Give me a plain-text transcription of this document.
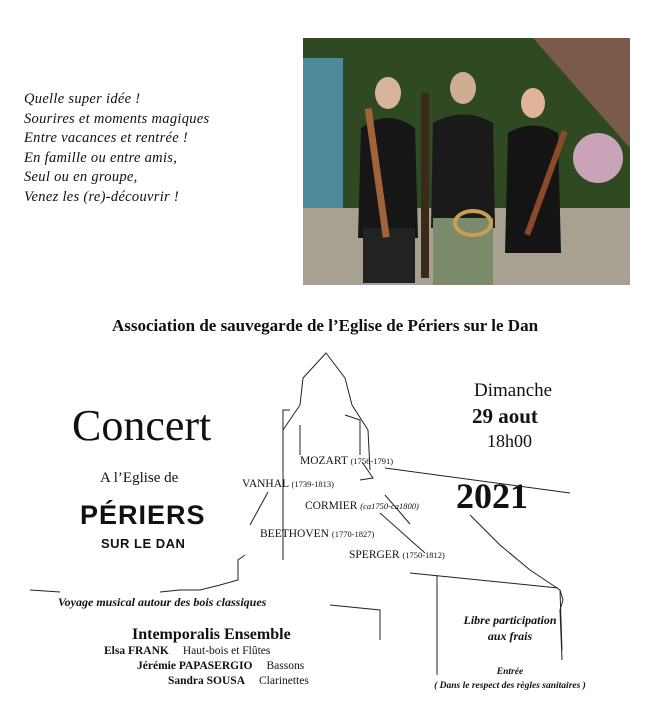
Quelle super idée !
Sourires et moments magiques
Entre vacances et rentrée !
En famille ou entre amis,
Seul ou en groupe,
Venez les (re)-découvrir !
Association de sauvegarde de l’Eglise de Périers sur le Dan
Concert
A l’Eglise de
PÉRIERS
SUR LE DAN
Dimanche
29 aout
18h00
2021
MOZART (1756-1791)
VANHAL (1739-1813)
CORMIER (ca1750-ca1800)
BEETHOVEN (1770-1827)
SPERGER (1750-1812)
Voyage musical autour des bois classiques
Intemporalis Ensemble
Elsa FRANK Haut-bois et Flûtes
Jérémie PAPASERGIO Bassons
Sandra SOUSA Clarinettes
Libre participation
aux frais
Entrée
( Dans le respect des règles sanitaires )
